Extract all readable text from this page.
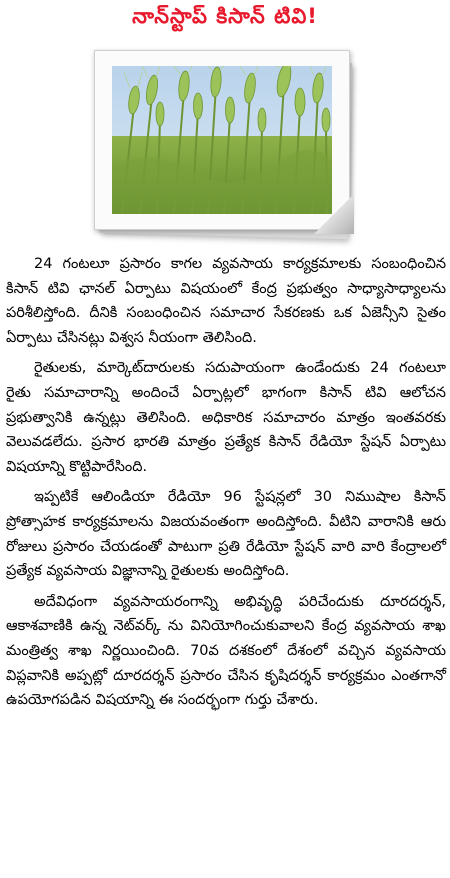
నాన్‌స్టాప్ కిసాన్ టివి!

24 గంటలూ ప్రసారం కాగల వ్యవసాయ కార్యక్రమాలకు సంబంధించిన కిసాన్ టివి ఛానల్ ఏర్పాటు విషయంలో కేంద్ర ప్రభుత్వం సాధ్యాసాధ్యాలను పరిశీలిస్తోంది. దీనికి సంబంధించిన సమాచార సేకరణకు ఒక ఏజెన్సీని సైతం ఏర్పాటు చేసినట్లు విశ్వస నీయంగా తెలిసింది.

రైతులకు, మార్కెట్‌దారులకు సదుపాయంగా ఉండేందుకు 24 గంటలూ రైతు సమాచారాన్ని అందించే ఏర్పాట్లలో భాగంగా కిసాన్ టివి ఆలోచన ప్రభుత్వానికి ఉన్నట్లు తెలిసింది. అధికారిక సమాచారం మాత్రం ఇంతవరకు వెలువడలేదు. ప్రసార భారతి మాత్రం ప్రత్యేక కిసాన్ రేడియో స్టేషన్ ఏర్పాటు విషయాన్ని కొట్టిపారేసింది.

ఇప్పటికే ఆలిండియా రేడియో 96 స్టేషన్లలో 30 నిముషాల కిసాన్ ప్రోత్సాహక కార్యక్రమాలను విజయవంతంగా అందిస్తోంది. వీటిని వారానికి ఆరు రోజులు ప్రసారం చేయడంతో పాటుగా ప్రతి రేడియో స్టేషన్ వారి వారి కేంద్రాలలో ప్రత్యేక వ్యవసాయ విజ్ఞానాన్ని రైతులకు అందిస్తోంది.

అదేవిధంగా వ్యవసాయరంగాన్ని అభివృద్ధి పరిచేందుకు దూరదర్శన్, ఆకాశవాణికి ఉన్న నెట్‌వర్క్ ను వినియోగించుకువాలని కేంద్ర వ్యవసాయ శాఖ మంత్రిత్వ శాఖ నిర్ణయించింది. 70వ దశకంలో దేశంలో వచ్చిన వ్యవసాయ విప్లవానికి అప్పట్లో దూరదర్శన్ ప్రసారం చేసిన కృషిదర్శన్ కార్యక్రమం ఎంతగానో ఉపయోగపడిన విషయాన్ని ఈ సందర్భంగా గుర్తు చేశారు.
